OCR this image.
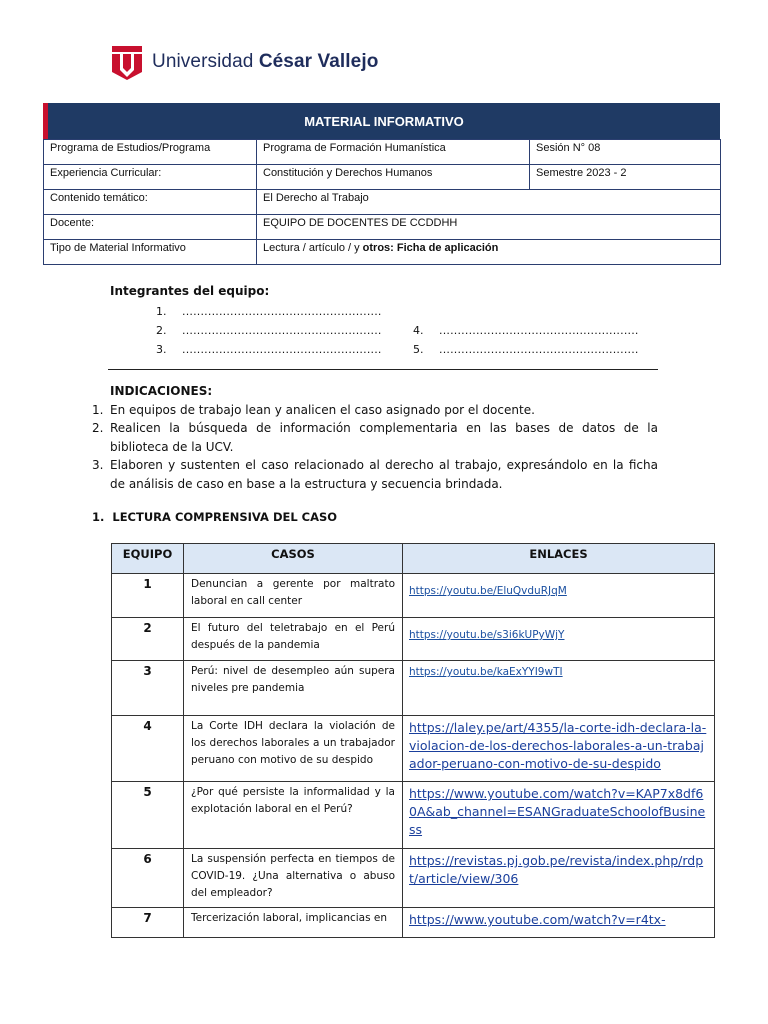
Universidad César Vallejo
MATERIAL INFORMATIVO
Programa de Estudios/Programa	Programa de Formación Humanística	Sesión N° 08
Experiencia Curricular:	Constitución y Derechos Humanos	Semestre 2023 - 2
Contenido temático:	El Derecho al Trabajo	
Docente:	EQUIPO DE DOCENTES DE CCDDHH	
Tipo de Material Informativo	Lectura / artículo / y otros: Ficha de aplicación	
Integrantes del equipo:
1.	......................................................
2.	......................................................	4.	......................................................
3.	......................................................	5.	......................................................
INDICACIONES:
1. En equipos de trabajo lean y analicen el caso asignado por el docente.
2. Realicen la búsqueda de información complementaria en las bases de datos de la biblioteca de la UCV.
3. Elaboren y sustenten el caso relacionado al derecho al trabajo, expresándolo en la ficha de análisis de caso en base a la estructura y secuencia brindada.
1.  LECTURA COMPRENSIVA DEL CASO
EQUIPO	CASOS	ENLACES
1	Denuncian a gerente por maltrato laboral en call center	https://youtu.be/EluQvduRJqM

2	El futuro del teletrabajo en el Perú después de la pandemia	https://youtu.be/s3i6kUPyWjY

3	Perú: nivel de desempleo aún supera niveles pre pandemia	https://youtu.be/kaExYYI9wTI

4	La Corte IDH declara la violación de los derechos laborales a un trabajador peruano con motivo de su despido	https://laley.pe/art/4355/la-corte-idh-declara-la-violacion-de-los-derechos-laborales-a-un-trabajador-peruano-con-motivo-de-su-despido

5	¿Por qué persiste la informalidad y la explotación laboral en el Perú?	https://www.youtube.com/watch?v=KAP7x8df60A&ab_channel=ESANGraduateSchoolofBusiness

6	La suspensión perfecta en tiempos de COVID-19. ¿Una alternativa o abuso del empleador?	https://revistas.pj.gob.pe/revista/index.php/rdpt/article/view/306

7	Tercerización laboral, implicancias en	https://www.youtube.com/watch?v=r4tx-
